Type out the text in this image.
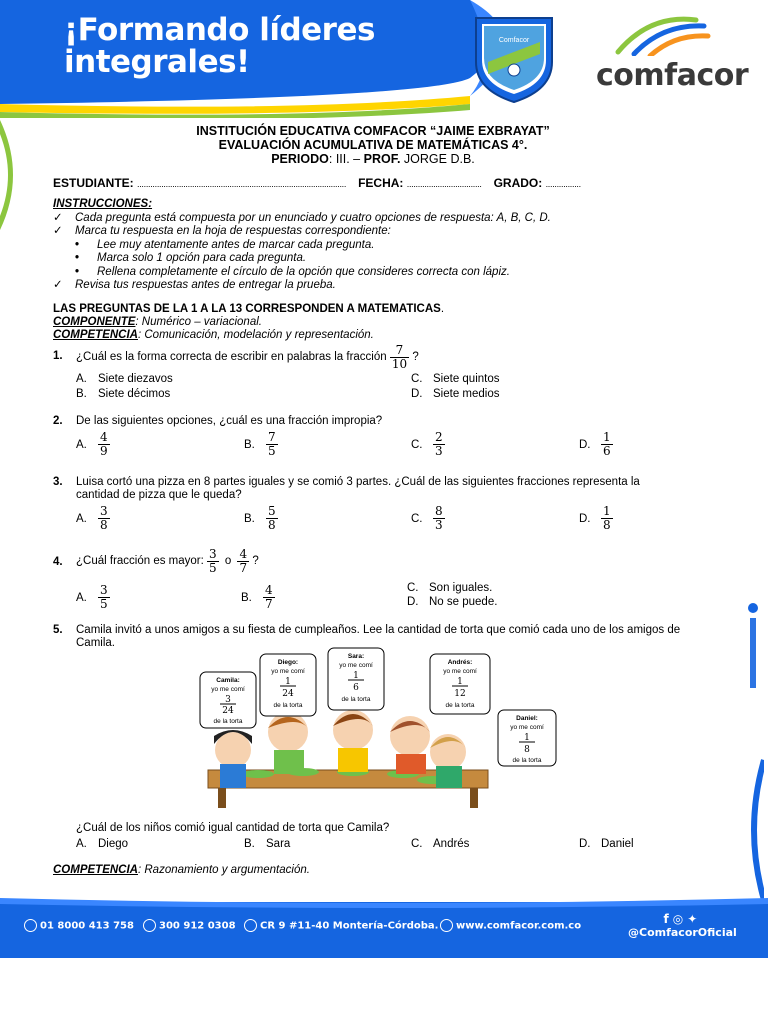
¡Formando líderes
integrales!
Comfacor
comfacor
INSTITUCIÓN EDUCATIVA COMFACOR “JAIME EXBRAYAT”
EVALUACIÓN ACUMULATIVA DE MATEMÁTICAS 4°.
PERIODO: III. – PROF. JORGE D.B.
ESTUDIANTE:
............................................................................................... FECHA:
.................................. GRADO:
................
INSTRUCCIONES:
✓ Cada pregunta está compuesta por un enunciado y cuatro opciones de respuesta: A, B, C, D.
✓ Marca tu respuesta en la hoja de respuestas correspondiente:
• Lee muy atentamente antes de marcar cada pregunta.
• Marca solo 1 opción para cada pregunta.
• Rellena completamente el círculo de la opción que consideres correcta con lápiz.
✓ Revisa tus respuestas antes de entregar la prueba.
LAS PREGUNTAS DE LA 1 A LA 13 CORRESPONDEN A MATEMATICAS.
COMPONENTE: Numérico – variacional.
COMPETENCIA: Comunicación, modelación y representación.
1. ¿Cuál es la forma correcta de escribir en palabras la fracción $\frac{7}{10}$ ?
A. Siete diezavos
B. Siete décimos
C. Siete quintos
D. Siete medios
2. De las siguientes opciones, ¿cuál es una fracción impropia?
A. $\frac{4}{9}$	B. $\frac{7}{5}$	C. $\frac{2}{3}$	D. $\frac{1}{6}$
3. Luisa cortó una pizza en 8 partes iguales y se comió 3 partes. ¿Cuál de las siguientes fracciones representa la cantidad de pizza que le queda?
A. $\frac{3}{8}$	B. $\frac{5}{8}$	C. $\frac{8}{3}$	D. $\frac{1}{8}$
4. ¿Cuál fracción es mayor: $\frac{3}{5}$ o $\frac{4}{7}$ ?
A. $\frac{3}{5}$	B. $\frac{4}{7}$	C. Son iguales.
D. No se puede.
5. Camila invitó a unos amigos a su fiesta de cumpleaños. Lee la cantidad de torta que comió cada uno de los amigos de Camila.
¿Cuál de los niños comió igual cantidad de torta que Camila?
A. Diego	B. Sara	C. Andrés	D. Daniel
COMPETENCIA: Razonamiento y argumentación.
Camila:
yo me comí
3
24
de la torta
Diego:
yo me comí
1
24
de la torta
Sara:
yo me comí
1
6
de la torta
Andrés:
yo me comí
1
12
de la torta
Daniel:
yo me comí
1
8
de la torta
01 8000 413 758	300 912 0308	CR 9 #11-40 Montería-Córdoba.	www.comfacor.com.co	f◎✦
@ComfacorOficial
